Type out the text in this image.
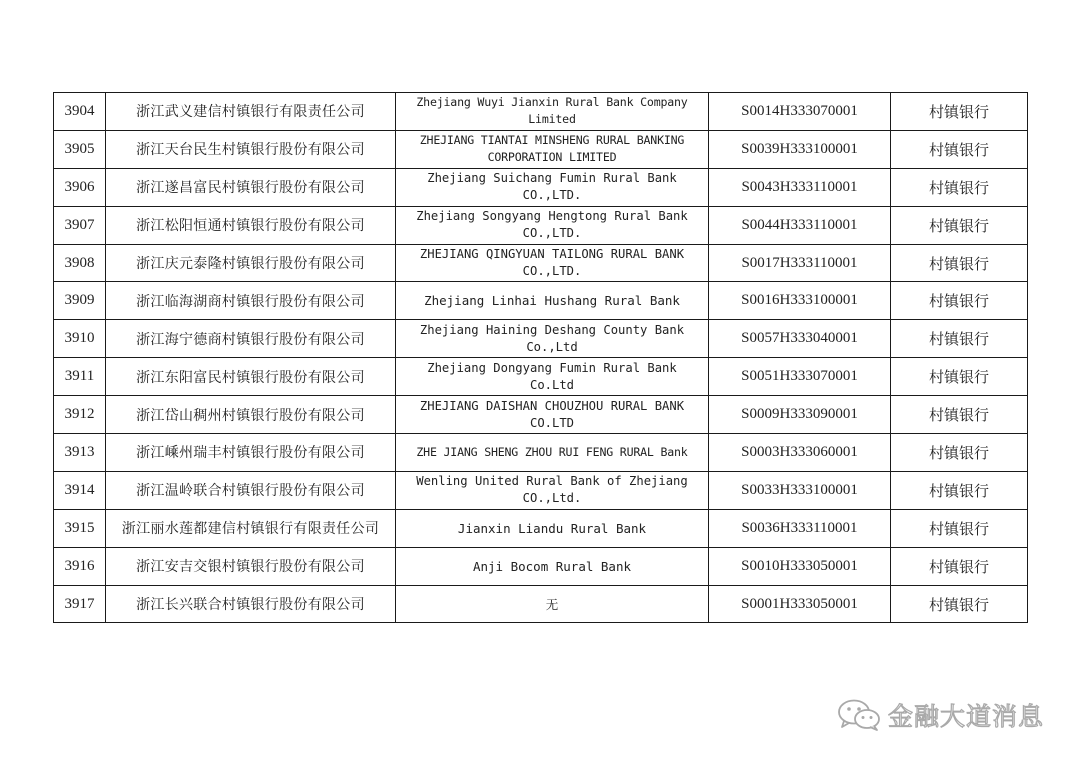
3904	浙江武义建信村镇银行有限责任公司	Zhejiang Wuyi Jianxin Rural Bank Company
Limited	S0014H333070001	村镇银行
3905	浙江天台民生村镇银行股份有限公司	ZHEJIANG TIANTAI MINSHENG RURAL BANKING
CORPORATION LIMITED	S0039H333100001	村镇银行
3906	浙江遂昌富民村镇银行股份有限公司	Zhejiang Suichang Fumin Rural Bank
CO.,LTD.	S0043H333110001	村镇银行
3907	浙江松阳恒通村镇银行股份有限公司	Zhejiang Songyang Hengtong Rural Bank
CO.,LTD.	S0044H333110001	村镇银行
3908	浙江庆元泰隆村镇银行股份有限公司	ZHEJIANG QINGYUAN TAILONG RURAL BANK
CO.,LTD.	S0017H333110001	村镇银行
3909	浙江临海湖商村镇银行股份有限公司	Zhejiang Linhai Hushang Rural Bank	S0016H333100001	村镇银行
3910	浙江海宁德商村镇银行股份有限公司	Zhejiang Haining Deshang County Bank
Co.,Ltd	S0057H333040001	村镇银行
3911	浙江东阳富民村镇银行股份有限公司	Zhejiang Dongyang Fumin Rural Bank
Co.Ltd	S0051H333070001	村镇银行
3912	浙江岱山稠州村镇银行股份有限公司	ZHEJIANG DAISHAN CHOUZHOU RURAL BANK
CO.LTD	S0009H333090001	村镇银行
3913	浙江嵊州瑞丰村镇银行股份有限公司	ZHE JIANG SHENG ZHOU RUI FENG RURAL Bank	S0003H333060001	村镇银行
3914	浙江温岭联合村镇银行股份有限公司	Wenling United Rural Bank of Zhejiang
CO.,Ltd.	S0033H333100001	村镇银行
3915	浙江丽水莲都建信村镇银行有限责任公司	Jianxin Liandu Rural Bank	S0036H333110001	村镇银行
3916	浙江安吉交银村镇银行股份有限公司	Anji Bocom Rural Bank	S0010H333050001	村镇银行
3917	浙江长兴联合村镇银行股份有限公司	无	S0001H333050001	村镇银行
金融大道消息
